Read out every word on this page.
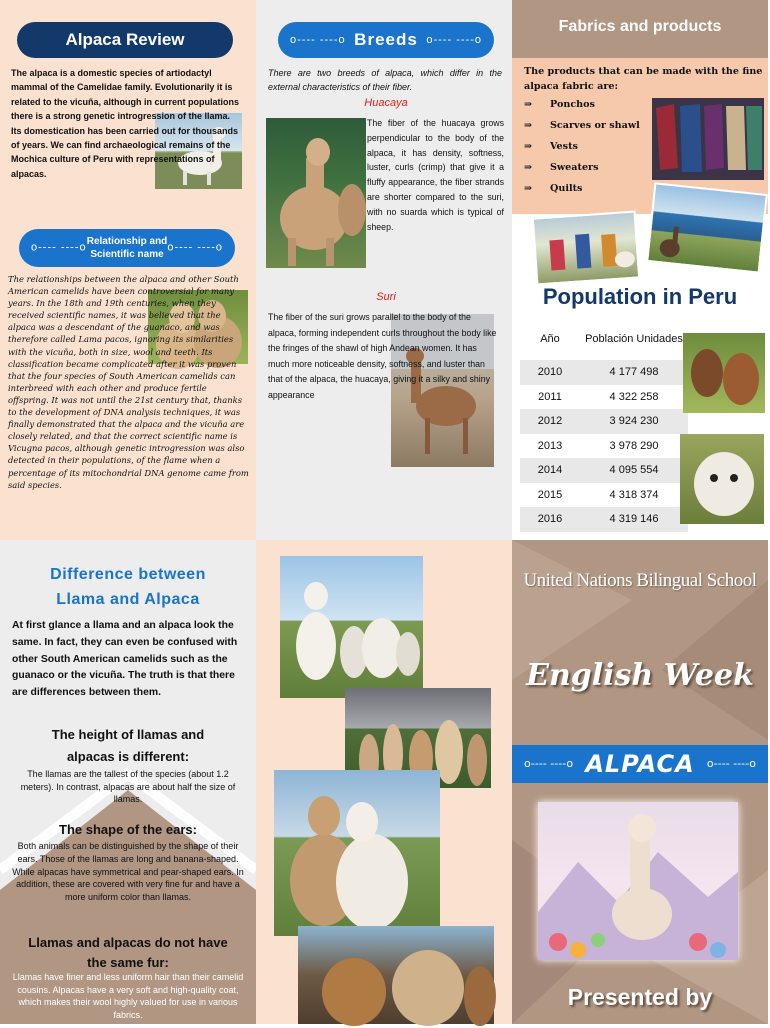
Alpaca Review
The alpaca is a domestic species of artiodactyl mammal of the Camelidae family. Evolutionarily it is related to the vicuña, although in current populations there is a strong genetic introgression of the llama. Its domestication has been carried out for thousands of years. We can find archaeological remains of the Mochica culture of Peru with representations of alpacas.
o---- ----o Relationship and Scientific name
o---- ----o
The relationships between the alpaca and other South American camelids have been controversial for many years. In the 18th and 19th centuries, when they received scientific names, it was believed that the alpaca was a descendant of the guanaco, and was therefore called Lama pacos, ignoring its similarities with the vicuña, both in size, wool and teeth. Its classification became complicated after it was proven that the four species of South American camelids can interbreed with each other and produce fertile offspring. It was not until the 21st century that, thanks to the development of DNA analysis techniques, it was finally demonstrated that the alpaca and the vicuña are closely related, and that the correct scientific name is Vicugna pacos, although genetic introgression was also detected in their populations, of the flame when a percentage of its mitochondrial DNA genome came from said species.
o---- ----o Breeds o---- ----o
There are two breeds of alpaca, which differ in the external characteristics of their fiber.
Huacaya
The fiber of the huacaya grows perpendicular to the body of the alpaca, it has density, softness, luster, curls (crimp) that give it a fluffy appearance, the fiber strands are shorter compared to the suri, with no suarda which is typical of sheep.
Suri
The fiber of the suri grows parallel to the body of the alpaca, forming independent curls throughout the body like the fringes of the shawl of high Andean women. It has much more noticeable density, softness, and luster than that of the alpaca, the huacaya, giving it a silky and shiny appearance
Fabrics and products
The products that can be made with the fine alpaca fabric are:
⇒ Ponchos
⇒ Scarves or shawl
⇒ Vests
⇒ Sweaters
⇒ Quilts
Population in Peru
Año	Población Unidades
2010	4 177 498
2011	4 322 258
2012	3 924 230
2013	3 978 290
2014	4 095 554
2015	4 318 374
2016	4 319 146
Difference between Llama and Alpaca
At first glance a llama and an alpaca look the same. In fact, they can even be confused with other South American camelids such as the guanaco or the vicuña. The truth is that there are differences between them.
The height of llamas and alpacas is different:
The llamas are the tallest of the species (about 1.2 meters). In contrast, alpacas are about half the size of llamas.
The shape of the ears:
Both animals can be distinguished by the shape of their ears. Those of the llamas are long and banana-shaped. While alpacas have symmetrical and pear-shaped ears. In addition, these are covered with very fine fur and have a more uniform color than llamas.
Llamas and alpacas do not have the same fur:
Llamas have finer and less uniform hair than their camelid cousins. Alpacas have a very soft and high-quality coat, which makes their wool highly valued for use in various fabrics.
United Nations Bilingual School
English Week
o---- ----o ALPACA o---- ----o
Presented by
